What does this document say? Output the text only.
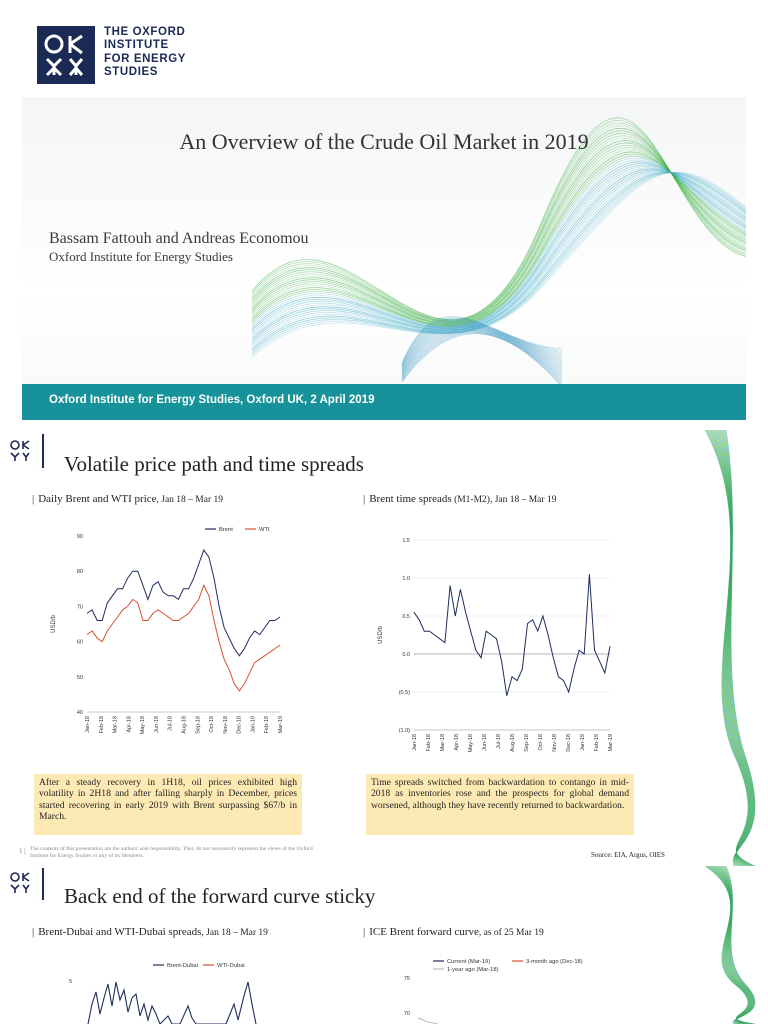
THE OXFORD
INSTITUTE
FOR ENERGY
STUDIES
An Overview of the Crude Oil Market in 2019
Bassam Fattouh and Andreas Economou
Oxford Institute for Energy Studies
Oxford Institute for Energy Studies, Oxford UK, 2 April 2019
Volatile price path and time spreads
| Daily Brent and WTI price, Jan 18 – Mar 19	| Brent time spreads (M1-M2), Jan 18 – Mar 19
40
50
60
70
80
90
Jan-18 Feb-18 Mar-18 Apr-18 May-18 Jun-18 Jul-18 Aug-18 Sep-18 Oct-18 Nov-18 Dec-18 Jan-19 Feb-19 Mar-19
USD/b
Brent	WTI
(1.0)
(0.5)
0.0
0.5
1.0
1.5
Jan-18 Feb-18 Mar-18 Apr-18 May-18 Jun-18 Jul-18 Aug-18 Sep-18 Oct-18 Nov-18 Dec-18 Jan-19 Feb-19 Mar-19
USD/b
After a steady recovery in 1H18, oil prices exhibited high volatility in 2H18 and after falling sharply in December, prices started recovering in early 2019 with Brent surpassing $67/b in March.
Time spreads switched from backwardation to contango in mid-2018 as inventories rose and the prospects for global demand worsened, although they have recently returned to backwardation.
1 | The contents of this presentation are the authors' sole responsibility. They do not necessarily represent the views of the Oxford Institute for Energy Studies or any of its Members.	Source: EIA, Argus, OIES
Back end of the forward curve sticky
| Brent-Dubai and WTI-Dubai spreads, Jan 18 – Mar 19	| ICE Brent forward curve, as of 25 Mar 19
Brent-Dubai	WTI-Dubai
5
Current (Mar-19)	3-month ago (Dec-18)
1-year ago (Mar-18)
75
70
